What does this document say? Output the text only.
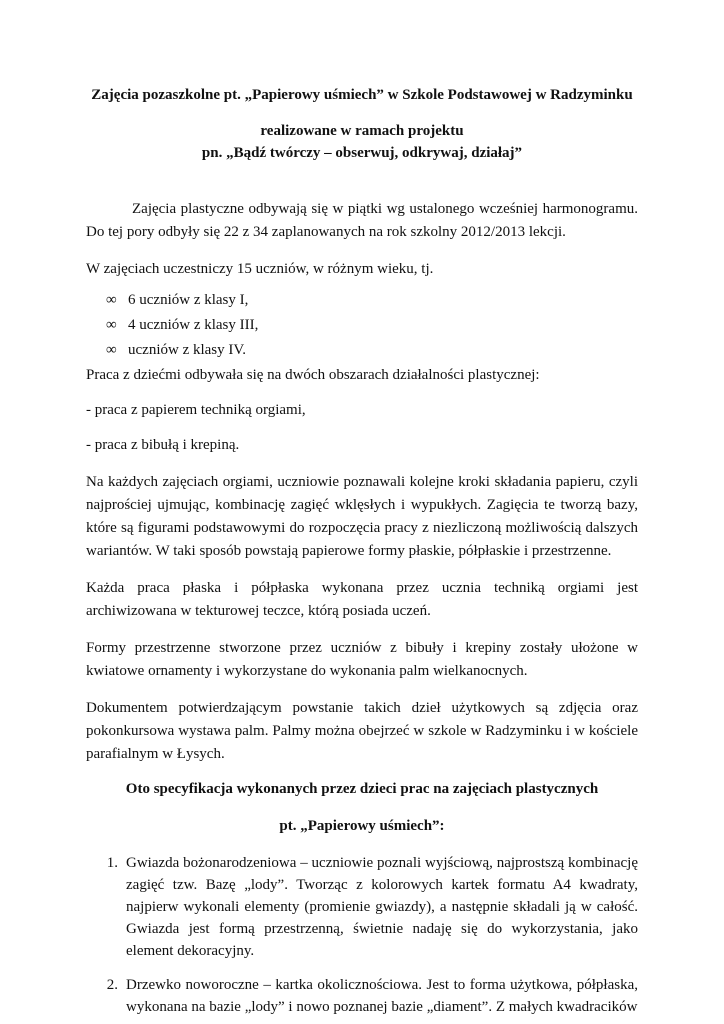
Zajęcia pozaszkolne pt. „Papierowy uśmiech” w Szkole Podstawowej w Radzyminku

realizowane w ramach projektu

pn. „Bądź twórczy – obserwuj, odkrywaj, działaj”

Zajęcia plastyczne odbywają się w piątki wg ustalonego wcześniej harmonogramu. Do tej pory odbyły się 22 z 34 zaplanowanych na rok szkolny 2012/2013 lekcji.

W zajęciach uczestniczy 15 uczniów, w różnym wieku, tj.

∞ 6 uczniów z klasy I,
∞ 4 uczniów z klasy III,
∞ uczniów z klasy IV.

Praca z dziećmi odbywała się na dwóch obszarach działalności plastycznej:

- praca z papierem techniką orgiami,

- praca z bibułą i krepiną.

Na każdych zajęciach orgiami, uczniowie poznawali kolejne kroki składania papieru, czyli najprościej ujmując, kombinację zagięć wklęsłych i wypukłych. Zagięcia te tworzą bazy, które są figurami podstawowymi do rozpoczęcia pracy z niezliczoną możliwością dalszych wariantów. W taki sposób powstają papierowe formy płaskie, półpłaskie i przestrzenne.

Każda praca płaska i półpłaska wykonana przez ucznia techniką orgiami jest archiwizowana w tekturowej teczce, którą posiada uczeń.

Formy przestrzenne stworzone przez uczniów z bibuły i krepiny zostały ułożone w kwiatowe ornamenty i wykorzystane do wykonania palm wielkanocnych.

Dokumentem potwierdzającym powstanie takich dzieł użytkowych są zdjęcia oraz pokonkursowa wystawa palm. Palmy można obejrzeć w szkole w Radzyminku i w kościele parafialnym w Łysych.

Oto specyfikacja wykonanych przez dzieci prac na zajęciach plastycznych

pt. „Papierowy uśmiech”:

1. Gwiazda bożonarodzeniowa – uczniowie poznali wyjściową, najprostszą kombinację zagięć tzw. Bazę „lody”. Tworząc z kolorowych kartek formatu A4 kwadraty, najpierw wykonali elementy (promienie gwiazdy), a następnie składali ją w całość. Gwiazda jest formą przestrzenną, świetnie nadaję się do wykorzystania, jako element dekoracyjny.
2. Drzewko noworoczne – kartka okolicznościowa. Jest to forma użytkowa, półpłaska, wykonana na bazie „lody” i nowo poznanej bazie „diament”. Z małych kwadracików
